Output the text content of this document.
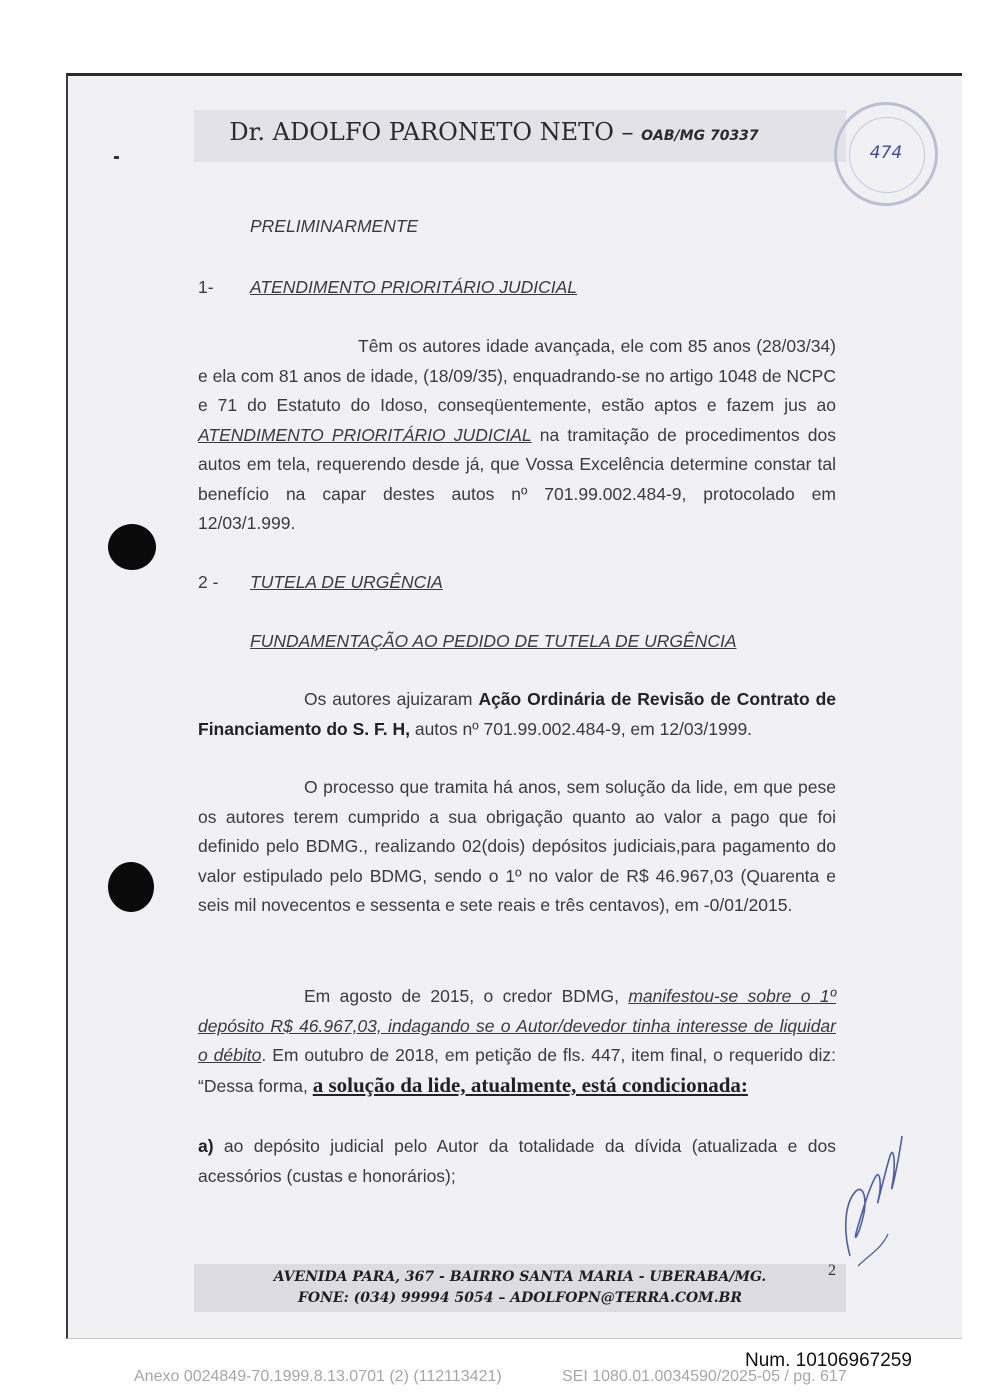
Dr. ADOLFO PARONETO NETO – OAB/MG 70337
474
PRELIMINARMENTE
1- ATENDIMENTO PRIORITÁRIO JUDICIAL

Têm os autores idade avançada, ele com 85 anos (28/03/34) e ela com 81 anos de idade, (18/09/35), enquadrando-se no artigo 1048 de NCPC e 71 do Estatuto do Idoso, conseqüentemente, estão aptos e fazem jus ao ATENDIMENTO PRIORITÁRIO JUDICIAL na tramitação de procedimentos dos autos em tela, requerendo desde já, que Vossa Excelência determine constar tal benefício na capar destes autos nº 701.99.002.484-9, protocolado em 12/03/1.999.

2 - TUTELA DE URGÊNCIA
FUNDAMENTAÇÃO AO PEDIDO DE TUTELA DE URGÊNCIA

Os autores ajuizaram Ação Ordinária de Revisão de Contrato de Financiamento do S. F. H, autos nº 701.99.002.484-9, em 12/03/1999.

O processo que tramita há anos, sem solução da lide, em que pese os autores terem cumprido a sua obrigação quanto ao valor a pago que foi definido pelo BDMG., realizando 02(dois) depósitos judiciais,para pagamento do valor estipulado pelo BDMG, sendo o 1º no valor de R$ 46.967,03 (Quarenta e seis mil novecentos e sessenta e sete reais e três centavos), em -0/01/2015.

Em agosto de 2015, o credor BDMG, manifestou-se sobre o 1º depósito R$ 46.967,03, indagando se o Autor/devedor tinha interesse de liquidar o débito. Em outubro de 2018, em petição de fls. 447, item final, o requerido diz: “Dessa forma, a solução da lide, atualmente, está condicionada:

a) ao depósito judicial pelo Autor da totalidade da dívida (atualizada e dos acessórios (custas e honorários);

AVENIDA PARA, 367 - BAIRRO SANTA MARIA - UBERABA/MG.
FONE: (034) 99994 5054 – ADOLFOPN@TERRA.COM.BR
2
Num. 10106967259
Anexo 0024849-70.1999.8.13.0701 (2) (112113421)	SEI 1080.01.0034590/2025-05 / pg. 617
